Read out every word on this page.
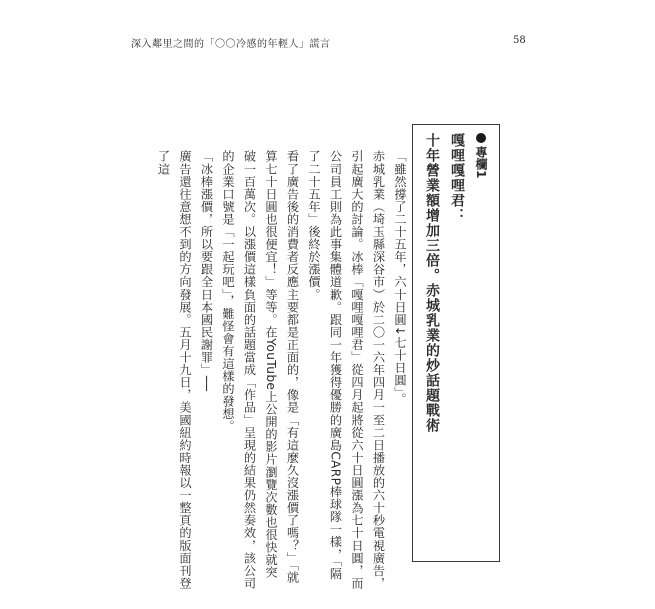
深入鄰里之間的「〇〇冷感的年輕人」謊言	58
專欄1
嘎哩嘎哩君：
十年營業額增加三倍。赤城乳業的炒話題戰術

「雖然撐了二十五年，六十日圓↓七十日圓」。

赤城乳業（埼玉縣深谷市）於二〇一六年四月一至二日播放的六十秒電視廣告，引起廣大的討論。冰棒「嘎哩嘎哩君」從四月起將從六十日圓漲為七十日圓，而公司員工則為此事集體道歉。跟同一年獲得優勝的廣島CARP棒球隊一樣，「隔了二十五年」後終於漲價。

看了廣告後的消費者反應主要都是正面的，像是「有這麼久沒漲價了嗎？」「就算七十日圓也很便宜！」等等。在YouTube上公開的影片瀏覽次數也很快就突破一百萬次。以漲價這樣負面的話題當成「作品」呈現的結果仍然奏效，該公司的企業口號是「一起玩吧」，難怪會有這樣的發想。

「冰棒漲價，所以要跟全日本國民謝罪」──

廣告還往意想不到的方向發展。五月十九日，美國紐約時報以一整頁的版面刊登了這
